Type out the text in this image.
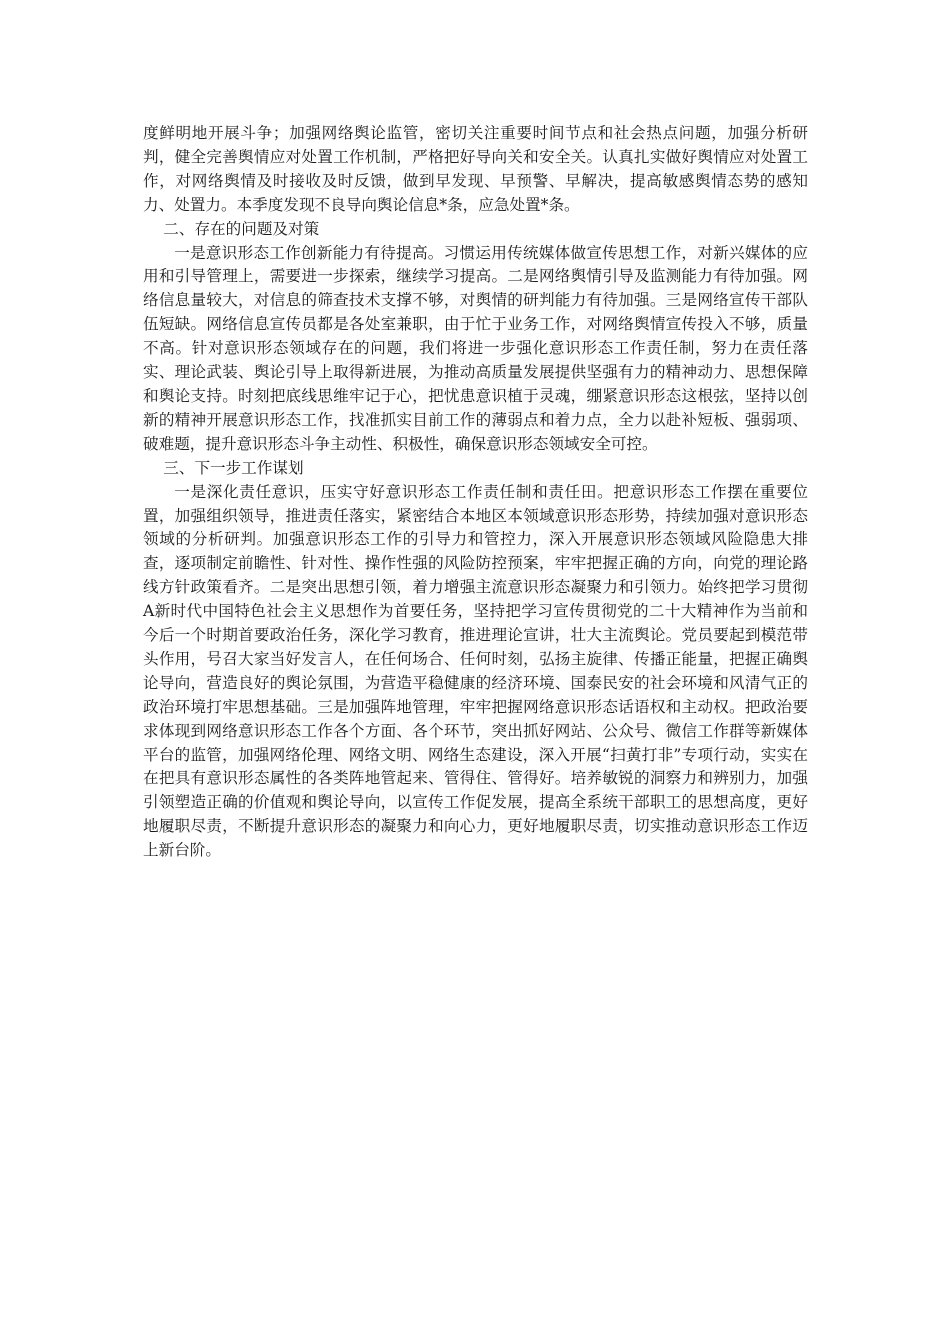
度鲜明地开展斗争；加强网络舆论监管，密切关注重要时间节点和社会热点问题，加强分析研判，健全完善舆情应对处置工作机制，严格把好导向关和安全关。认真扎实做好舆情应对处置工作，对网络舆情及时接收及时反馈，做到早发现、早预警、早解决，提高敏感舆情态势的感知力、处置力。本季度发现不良导向舆论信息*条，应急处置*条。

二、存在的问题及对策

一是意识形态工作创新能力有待提高。习惯运用传统媒体做宣传思想工作，对新兴媒体的应用和引导管理上，需要进一步探索，继续学习提高。二是网络舆情引导及监测能力有待加强。网络信息量较大，对信息的筛查技术支撑不够，对舆情的研判能力有待加强。三是网络宣传干部队伍短缺。网络信息宣传员都是各处室兼职，由于忙于业务工作，对网络舆情宣传投入不够，质量不高。针对意识形态领域存在的问题，我们将进一步强化意识形态工作责任制，努力在责任落实、理论武装、舆论引导上取得新进展，为推动高质量发展提供坚强有力的精神动力、思想保障和舆论支持。时刻把底线思维牢记于心，把忧患意识植于灵魂，绷紧意识形态这根弦，坚持以创新的精神开展意识形态工作，找准抓实目前工作的薄弱点和着力点，全力以赴补短板、强弱项、破难题，提升意识形态斗争主动性、积极性，确保意识形态领域安全可控。

三、下一步工作谋划

一是深化责任意识，压实守好意识形态工作责任制和责任田。把意识形态工作摆在重要位置，加强组织领导，推进责任落实，紧密结合本地区本领域意识形态形势，持续加强对意识形态领域的分析研判。加强意识形态工作的引导力和管控力，深入开展意识形态领域风险隐患大排查，逐项制定前瞻性、针对性、操作性强的风险防控预案，牢牢把握正确的方向，向党的理论路线方针政策看齐。二是突出思想引领，着力增强主流意识形态凝聚力和引领力。始终把学习贯彻A新时代中国特色社会主义思想作为首要任务，坚持把学习宣传贯彻党的二十大精神作为当前和今后一个时期首要政治任务，深化学习教育，推进理论宣讲，壮大主流舆论。党员要起到模范带头作用，号召大家当好发言人，在任何场合、任何时刻，弘扬主旋律、传播正能量，把握正确舆论导向，营造良好的舆论氛围，为营造平稳健康的经济环境、国泰民安的社会环境和风清气正的政治环境打牢思想基础。三是加强阵地管理，牢牢把握网络意识形态话语权和主动权。把政治要求体现到网络意识形态工作各个方面、各个环节，突出抓好网站、公众号、微信工作群等新媒体平台的监管，加强网络伦理、网络文明、网络生态建设，深入开展“扫黄打非”专项行动，实实在在把具有意识形态属性的各类阵地管起来、管得住、管得好。培养敏锐的洞察力和辨别力，加强引领塑造正确的价值观和舆论导向，以宣传工作促发展，提高全系统干部职工的思想高度，更好地履职尽责，不断提升意识形态的凝聚力和向心力，更好地履职尽责，切实推动意识形态工作迈上新台阶。
